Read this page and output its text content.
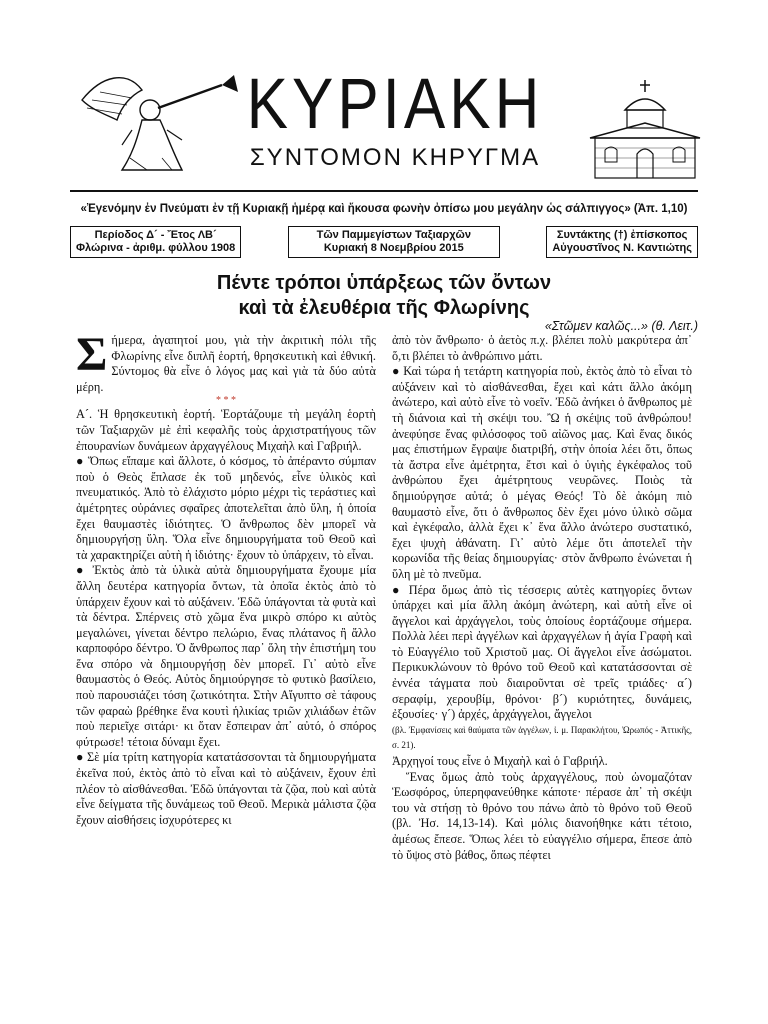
ΚΥΡΙΑΚΗ
ΣΥΝΤΟΜΟΝ ΚΗΡΥΓΜΑ
«Ἐγενόμην ἐν Πνεύματι ἐν τῇ Κυριακῇ ἡμέρᾳ καὶ ἤκουσα φωνὴν ὀπίσω μου μεγάλην ὡς σάλπιγγος» (Ἀπ. 1,10)
Περίοδος Δ´ - Ἔτος ΛΒ´
Φλώρινα - ἀριθμ. φύλλου 1908
Τῶν Παμμεγίστων Ταξιαρχῶν
Κυριακή 8 Νοεμβρίου 2015
Συντάκτης (†) ἐπίσκοπος
Αὐγουστῖνος Ν. Καντιώτης
Πέντε τρόποι ὑπάρξεως τῶν ὄντων
καὶ τὰ ἐλευθέρια τῆς Φλωρίνης
«Στῶμεν καλῶς...» (θ. Λειτ.)

Σήμερα, ἀγαπητοί μου, γιὰ τὴν ἀκριτικὴ πόλι τῆς Φλωρίνης εἶνε διπλῆ ἑορτή, θρησκευτικὴ καὶ ἐθνική. Σύντομος θὰ εἶνε ὁ λόγος μας καὶ γιὰ τὰ δύο αὐτὰ μέρη.

* * *

Α´. Ἡ θρησκευτικὴ ἑορτή. Ἑορτάζουμε τὴ μεγάλη ἑορτὴ τῶν Ταξιαρχῶν μὲ ἐπὶ κεφαλῆς τοὺς ἀρχιστρατήγους τῶν ἐπουρανίων δυνάμεων ἀρχαγγέλους Μιχαὴλ καὶ Γαβριήλ.

● Ὅπως εἴπαμε καὶ ἄλλοτε, ὁ κόσμος, τὸ ἀπέραντο σύμπαν ποὺ ὁ Θεὸς ἔπλασε ἐκ τοῦ μηδενός, εἶνε ὑλικὸς καὶ πνευματικός. Ἀπὸ τὸ ἐλάχιστο μόριο μέχρι τὶς τεράστιες καὶ ἀμέτρητες οὐράνιες σφαῖρες ἀποτελεῖται ἀπὸ ὕλη, ἡ ὁποία ἔχει θαυμαστὲς ἰδιότητες. Ὁ ἄνθρωπος δὲν μπορεῖ νὰ δημιουργήσῃ ὕλη. Ὅλα εἶνε δημιουργήματα τοῦ Θεοῦ καὶ τὰ χαρακτηρίζει αὐτὴ ἡ ἰδιότης· ἔχουν τὸ ὑπάρχειν, τὸ εἶναι.

● Ἐκτὸς ἀπὸ τὰ ὑλικὰ αὐτὰ δημιουργήματα ἔχουμε μία ἄλλη δευτέρα κατηγορία ὄντων, τὰ ὁποῖα ἐκτὸς ἀπὸ τὸ ὑπάρχειν ἔχουν καὶ τὸ αὐξάνειν. Ἐδῶ ὑπάγονται τὰ φυτὰ καὶ τὰ δέντρα. Σπέρνεις στὸ χῶμα ἕνα μικρὸ σπόρο κι αὐτὸς μεγαλώνει, γίνεται δέντρο πελώριο, ἕνας πλάτανος ἢ ἄλλο καρποφόρο δέντρο. Ὁ ἄνθρωπος παρ᾽ ὅλη τὴν ἐπιστήμη του ἕνα σπόρο νὰ δημιουργήσῃ δὲν μπορεῖ. Γι᾽ αὐτὸ εἶνε θαυμαστὸς ὁ Θεός. Αὐτὸς δημιούργησε τὸ φυτικὸ βασίλειο, ποὺ παρουσιάζει τόση ζωτικότητα. Στὴν Αἴγυπτο σὲ τάφους τῶν φαραὼ βρέθηκε ἕνα κουτὶ ἡλικίας τριῶν χιλιάδων ἐτῶν ποὺ περιεῖχε σιτάρι· κι ὅταν ἔσπειραν ἀπ᾽ αὐτό, ὁ σπόρος φύτρωσε! τέτοια δύναμι ἔχει.

● Σὲ μία τρίτη κατηγορία κατατάσσονται τὰ δημιουργήματα ἐκεῖνα πού, ἐκτὸς ἀπὸ τὸ εἶναι καὶ τὸ αὐξάνειν, ἔχουν ἐπὶ πλέον τὸ αἰσθάνεσθαι. Ἐδῶ ὑπάγονται τὰ ζῷα, ποὺ καὶ αὐτὰ εἶνε δείγματα τῆς δυνάμεως τοῦ Θεοῦ. Μερικὰ μάλιστα ζῷα ἔχουν αἰσθήσεις ἰσχυρότερες κι

ἀπὸ τὸν ἄνθρωπο· ὁ ἀετὸς π.χ. βλέπει πολὺ μακρύτερα ἀπ᾽ ὅ,τι βλέπει τὸ ἀνθρώπινο μάτι.

● Καὶ τώρα ἡ τετάρτη κατηγορία ποὺ, ἐκτὸς ἀπὸ τὸ εἶναι τὸ αὐξάνειν καὶ τὸ αἰσθάνεσθαι, ἔχει καὶ κάτι ἄλλο ἀκόμη ἀνώτερο, καὶ αὐτὸ εἶνε τὸ νοεῖν. Ἐδῶ ἀνήκει ὁ ἄνθρωπος μὲ τὴ διάνοια καὶ τὴ σκέψι του. Ὢ ἡ σκέψις τοῦ ἀνθρώπου! ἀνεφύησε ἕνας φιλόσοφος τοῦ αἰῶνος μας. Καὶ ἕνας δικός μας ἐπιστήμων ἔγραψε διατριβή, στὴν ὁποία λέει ὅτι, ὅπως τὰ ἄστρα εἶνε ἀμέτρητα, ἔτσι καὶ ὁ ὑγιὴς ἐγκέφαλος τοῦ ἀνθρώπου ἔχει ἀμέτρητους νευρῶνες. Ποιὸς τὰ δημιούργησε αὐτά; ὁ μέγας Θεός! Τὸ δὲ ἀκόμη πιὸ θαυμαστὸ εἶνε, ὅτι ὁ ἄνθρωπος δὲν ἔχει μόνο ὑλικὸ σῶμα καὶ ἐγκέφαλο, ἀλλὰ ἔχει κ᾽ ἕνα ἄλλο ἀνώτερο συστατικό, ἔχει ψυχὴ ἀθάνατη. Γι᾽ αὐτὸ λέμε ὅτι ἀποτελεῖ τὴν κορωνίδα τῆς θείας δημιουργίας· στὸν ἄνθρωπο ἑνώνεται ἡ ὕλη μὲ τὸ πνεῦμα.

● Πέρα ὅμως ἀπὸ τὶς τέσσερις αὐτὲς κατηγορίες ὄντων ὑπάρχει καὶ μία ἄλλη ἀκόμη ἀνώτερη, καὶ αὐτὴ εἶνε οἱ ἄγγελοι καὶ ἀρχάγγελοι, τοὺς ὁποίους ἑορτάζουμε σήμερα. Πολλὰ λέει περὶ ἀγγέλων καὶ ἀρχαγγέλων ἡ ἁγία Γραφὴ καὶ τὸ Εὐαγγέλιο τοῦ Χριστοῦ μας. Οἱ ἄγγελοι εἶνε ἀσώματοι. Περικυκλώνουν τὸ θρόνο τοῦ Θεοῦ καὶ κατατάσσονται σὲ ἐννέα τάγματα ποὺ διαιροῦνται σὲ τρεῖς τριάδες· α´) σεραφίμ, χερουβίμ, θρόνοι· β´) κυριότητες, δυνάμεις, ἐξουσίες· γ´) ἀρχές, ἀρχάγγελοι, ἄγγελοι

(βλ. Ἐμφανίσεις καὶ θαύματα τῶν ἀγγέλων, ἰ. μ. Παρακλήτου, Ὠρωπός - Ἀττικῆς, σ. 21).

Ἀρχηγοί τους εἶνε ὁ Μιχαὴλ καὶ ὁ Γαβριήλ.

Ἕνας ὅμως ἀπὸ τοὺς ἀρχαγγέλους, ποὺ ὠνομαζόταν Ἑωσφόρος, ὑπερηφανεύθηκε κάποτε· πέρασε ἀπ᾽ τὴ σκέψι του νὰ στήσῃ τὸ θρόνο του πάνω ἀπὸ τὸ θρόνο τοῦ Θεοῦ (βλ. Ἠσ. 14,13-14). Καὶ μόλις διανοήθηκε κάτι τέτοιο, ἀμέσως ἔπεσε. Ὅπως λέει τὸ εὐαγγέλιο σήμερα, ἔπεσε ἀπὸ τὸ ὕψος στὸ βάθος, ὅπως πέφτει
